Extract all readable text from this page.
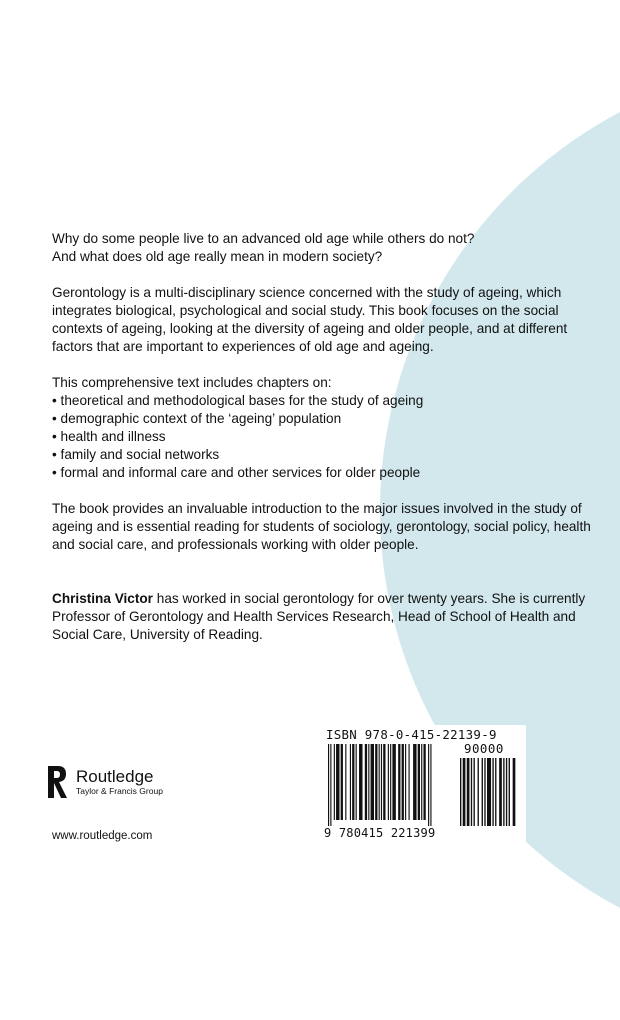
Why do some people live to an advanced old age while others do not?
And what does old age really mean in modern society?

Gerontology is a multi-disciplinary science concerned with the study of ageing, which integrates biological, psychological and social study. This book focuses on the social contexts of ageing, looking at the diversity of ageing and older people, and at different factors that are important to experiences of old age and ageing.

This comprehensive text includes chapters on:
• theoretical and methodological bases for the study of ageing
• demographic context of the ‘ageing’ population
• health and illness
• family and social networks
• formal and informal care and other services for older people

The book provides an invaluable introduction to the major issues involved in the study of ageing and is essential reading for students of sociology, gerontology, social policy, health and social care, and professionals working with older people.

Christina Victor has worked in social gerontology for over twenty years. She is currently Professor of Gerontology and Health Services Research, Head of School of Health and Social Care, University of Reading.

Routledge
Taylor & Francis Group
www.routledge.com
ISBN 978-0-415-22139-9
90000
9 780415 221399
